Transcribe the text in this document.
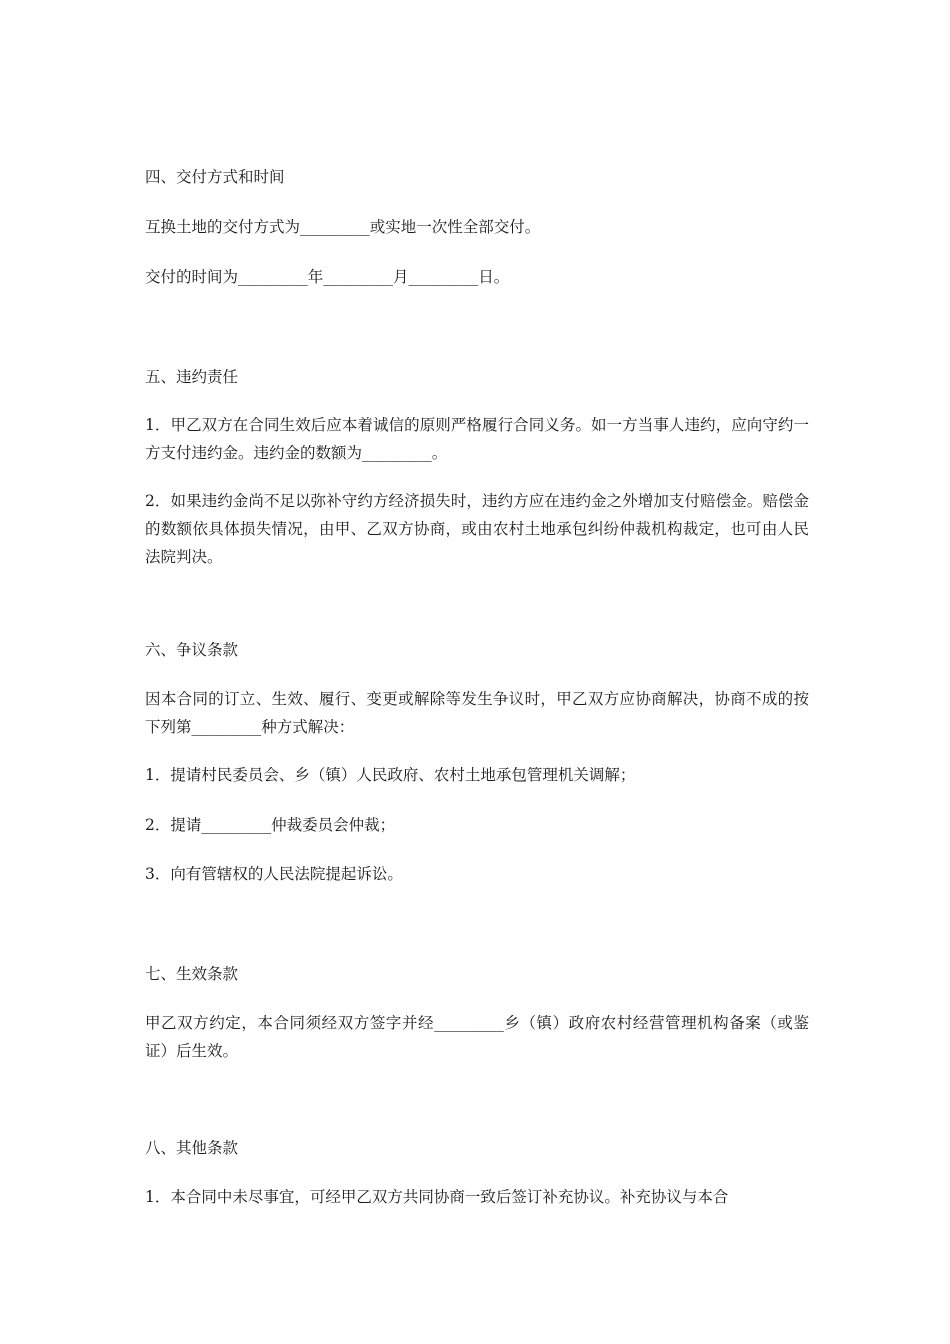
四、交付方式和时间
互换土地的交付方式为_________或实地一次性全部交付。
交付的时间为_________年_________月_________日。
五、违约责任
1．甲乙双方在合同生效后应本着诚信的原则严格履行合同义务。如一方当事人违约，应向守约一方支付违约金。违约金的数额为_________。
2．如果违约金尚不足以弥补守约方经济损失时，违约方应在违约金之外增加支付赔偿金。赔偿金的数额依具体损失情况，由甲、乙双方协商，或由农村土地承包纠纷仲裁机构裁定，也可由人民法院判决。
六、争议条款
因本合同的订立、生效、履行、变更或解除等发生争议时，甲乙双方应协商解决，协商不成的按下列第_________种方式解决：
1．提请村民委员会、乡（镇）人民政府、农村土地承包管理机关调解；
2．提请_________仲裁委员会仲裁；
3．向有管辖权的人民法院提起诉讼。
七、生效条款
甲乙双方约定，本合同须经双方签字并经_________乡（镇）政府农村经营管理机构备案（或鉴证）后生效。
八、其他条款
1．本合同中未尽事宜，可经甲乙双方共同协商一致后签订补充协议。补充协议与本合
